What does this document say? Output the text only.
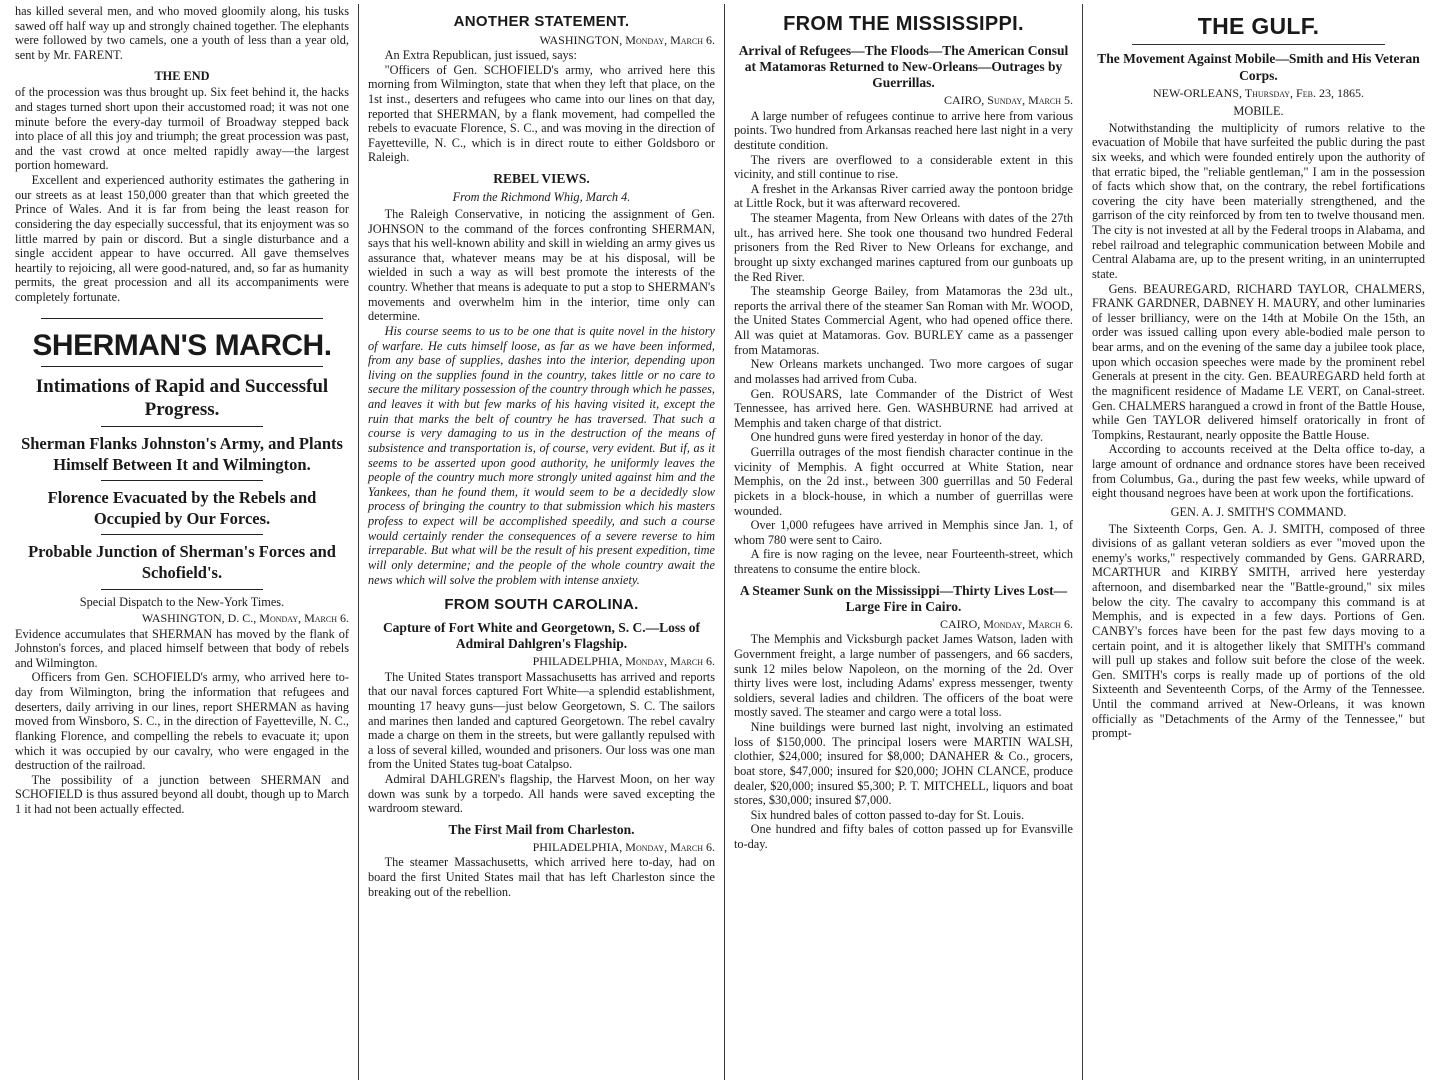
has killed several men, and who moved gloomily along, his tusks sawed off half way up and strongly chained together. The elephants were followed by two camels, one a youth of less than a year old, sent by Mr. FARENT.

THE END

of the procession was thus brought up. Six feet behind it, the hacks and stages turned short upon their accustomed road; it was not one minute before the every-day turmoil of Broadway stepped back into place of all this joy and triumph; the great procession was past, and the vast crowd at once melted rapidly away—the largest portion homeward.

Excellent and experienced authority estimates the gathering in our streets as at least 150,000 greater than that which greeted the Prince of Wales. And it is far from being the least reason for considering the day especially successful, that its enjoyment was so little marred by pain or discord. But a single disturbance and a single accident appear to have occurred. All gave themselves heartily to rejoicing, all were good-natured, and, so far as humanity permits, the great procession and all its accompaniments were completely fortunate.

SHERMAN'S MARCH.
Intimations of Rapid and Successful Progress.
Sherman Flanks Johnston's Army, and Plants Himself Between It and Wilmington.
Florence Evacuated by the Rebels and Occupied by Our Forces.
Probable Junction of Sherman's Forces and Schofield's.
Special Dispatch to the New-York Times.
WASHINGTON, D. C., Monday, March 6.

Evidence accumulates that SHERMAN has moved by the flank of Johnston's forces, and placed himself between that body of rebels and Wilmington.

Officers from Gen. SCHOFIELD's army, who arrived here to-day from Wilmington, bring the information that refugees and deserters, daily arriving in our lines, report SHERMAN as having moved from Winsboro, S. C., in the direction of Fayetteville, N. C., flanking Florence, and compelling the rebels to evacuate it; upon which it was occupied by our cavalry, who were engaged in the destruction of the railroad.

The possibility of a junction between SHERMAN and SCHOFIELD is thus assured beyond all doubt, though up to March 1 it had not been actually effected.

ANOTHER STATEMENT.
WASHINGTON, Monday, March 6.

An Extra Republican, just issued, says:

"Officers of Gen. SCHOFIELD's army, who arrived here this morning from Wilmington, state that when they left that place, on the 1st inst., deserters and refugees who came into our lines on that day, reported that SHERMAN, by a flank movement, had compelled the rebels to evacuate Florence, S. C., and was moving in the direction of Fayetteville, N. C., which is in direct route to either Goldsboro or Raleigh.

REBEL VIEWS.
From the Richmond Whig, March 4.

The Raleigh Conservative, in noticing the assignment of Gen. JOHNSON to the command of the forces confronting SHERMAN, says that his well-known ability and skill in wielding an army gives us assurance that, whatever means may be at his disposal, will be wielded in such a way as will best promote the interests of the country. Whether that means is adequate to put a stop to SHERMAN's movements and overwhelm him in the interior, time only can determine.

His course seems to us to be one that is quite novel in the history of warfare. He cuts himself loose, as far as we have been informed, from any base of supplies, dashes into the interior, depending upon living on the supplies found in the country, takes little or no care to secure the military possession of the country through which he passes, and leaves it with but few marks of his having visited it, except the ruin that marks the belt of country he has traversed. That such a course is very damaging to us in the destruction of the means of subsistence and transportation is, of course, very evident. But if, as it seems to be asserted upon good authority, he uniformly leaves the people of the country much more strongly united against him and the Yankees, than he found them, it would seem to be a decidedly slow process of bringing the country to that submission which his masters profess to expect will be accomplished speedily, and such a course would certainly render the consequences of a severe reverse to him irreparable. But what will be the result of his present expedition, time will only determine; and the people of the whole country await the news which will solve the problem with intense anxiety.

FROM SOUTH CAROLINA.
Capture of Fort White and Georgetown, S. C.—Loss of Admiral Dahlgren's Flagship.
PHILADELPHIA, Monday, March 6.

The United States transport Massachusetts has arrived and reports that our naval forces captured Fort White—a splendid establishment, mounting 17 heavy guns—just below Georgetown, S. C. The sailors and marines then landed and captured Georgetown. The rebel cavalry made a charge on them in the streets, but were gallantly repulsed with a loss of several killed, wounded and prisoners. Our loss was one man from the United States tug-boat Catalpso.

Admiral DAHLGREN's flagship, the Harvest Moon, on her way down was sunk by a torpedo. All hands were saved excepting the wardroom steward.

The First Mail from Charleston.
PHILADELPHIA, Monday, March 6.

The steamer Massachusetts, which arrived here to-day, had on board the first United States mail that has left Charleston since the breaking out of the rebellion.

FROM THE MISSISSIPPI.
Arrival of Refugees—The Floods—The American Consul at Matamoras Returned to New-Orleans—Outrages by Guerrillas.
CAIRO, Sunday, March 5.

A large number of refugees continue to arrive here from various points. Two hundred from Arkansas reached here last night in a very destitute condition.

The rivers are overflowed to a considerable extent in this vicinity, and still continue to rise.

A freshet in the Arkansas River carried away the pontoon bridge at Little Rock, but it was afterward recovered.

The steamer Magenta, from New Orleans with dates of the 27th ult., has arrived here. She took one thousand two hundred Federal prisoners from the Red River to New Orleans for exchange, and brought up sixty exchanged marines captured from our gunboats up the Red River.

The steamship George Bailey, from Matamoras the 23d ult., reports the arrival there of the steamer San Roman with Mr. WOOD, the United States Commercial Agent, who had opened office there. All was quiet at Matamoras. Gov. BURLEY came as a passenger from Matamoras.

New Orleans markets unchanged. Two more cargoes of sugar and molasses had arrived from Cuba.

Gen. ROUSARS, late Commander of the District of West Tennessee, has arrived here. Gen. WASHBURNE had arrived at Memphis and taken charge of that district.

One hundred guns were fired yesterday in honor of the day.

Guerrilla outrages of the most fiendish character continue in the vicinity of Memphis. A fight occurred at White Station, near Memphis, on the 2d inst., between 300 guerrillas and 50 Federal pickets in a block-house, in which a number of guerrillas were wounded.

Over 1,000 refugees have arrived in Memphis since Jan. 1, of whom 780 were sent to Cairo.

A fire is now raging on the levee, near Fourteenth-street, which threatens to consume the entire block.

A Steamer Sunk on the Mississippi—Thirty Lives Lost—Large Fire in Cairo.
CAIRO, Monday, March 6.

The Memphis and Vicksburgh packet James Watson, laden with Government freight, a large number of passengers, and 66 sacders, sunk 12 miles below Napoleon, on the morning of the 2d. Over thirty lives were lost, including Adams' express messenger, twenty soldiers, several ladies and children. The officers of the boat were mostly saved. The steamer and cargo were a total loss.

Nine buildings were burned last night, involving an estimated loss of $150,000. The principal losers were MARTIN WALSH, clothier, $24,000; insured for $8,000; DANAHER & Co., grocers, boat store, $47,000; insured for $20,000; JOHN CLANCE, produce dealer, $20,000; insured $5,300; P. T. MITCHELL, liquors and boat stores, $30,000; insured $7,000.

Six hundred bales of cotton passed to-day for St. Louis.

One hundred and fifty bales of cotton passed up for Evansville to-day.

THE GULF.
The Movement Against Mobile—Smith and His Veteran Corps.
NEW-ORLEANS, Thursday, Feb. 23, 1865.
MOBILE.

Notwithstanding the multiplicity of rumors relative to the evacuation of Mobile that have surfeited the public during the past six weeks, and which were founded entirely upon the authority of that erratic biped, the "reliable gentleman," I am in the possession of facts which show that, on the contrary, the rebel fortifications covering the city have been materially strengthened, and the garrison of the city reinforced by from ten to twelve thousand men. The city is not invested at all by the Federal troops in Alabama, and rebel railroad and telegraphic communication between Mobile and Central Alabama are, up to the present writing, in an uninterrupted state.

Gens. BEAUREGARD, RICHARD TAYLOR, CHALMERS, FRANK GARDNER, DABNEY H. MAURY, and other luminaries of lesser brilliancy, were on the 14th at Mobile On the 15th, an order was issued calling upon every able-bodied male person to bear arms, and on the evening of the same day a jubilee took place, upon which occasion speeches were made by the prominent rebel Generals at present in the city. Gen. BEAUREGARD held forth at the magnificent residence of Madame LE VERT, on Canal-street. Gen. CHALMERS harangued a crowd in front of the Battle House, while Gen TAYLOR delivered himself oratorically in front of Tompkins, Restaurant, nearly opposite the Battle House.

According to accounts received at the Delta office to-day, a large amount of ordnance and ordnance stores have been received from Columbus, Ga., during the past few weeks, while upward of eight thousand negroes have been at work upon the fortifications.

GEN. A. J. SMITH'S COMMAND.

The Sixteenth Corps, Gen. A. J. SMITH, composed of three divisions of as gallant veteran soldiers as ever "moved upon the enemy's works," respectively commanded by Gens. GARRARD, MCARTHUR and KIRBY SMITH, arrived here yesterday afternoon, and disembarked near the "Battle-ground," six miles below the city. The cavalry to accompany this command is at Memphis, and is expected in a few days. Portions of Gen. CANBY's forces have been for the past few days moving to a certain point, and it is altogether likely that SMITH's command will pull up stakes and follow suit before the close of the week. Gen. SMITH's corps is really made up of portions of the old Sixteenth and Seventeenth Corps, of the Army of the Tennessee. Until the command arrived at New-Orleans, it was known officially as "Detachments of the Army of the Tennessee," but prompt-
